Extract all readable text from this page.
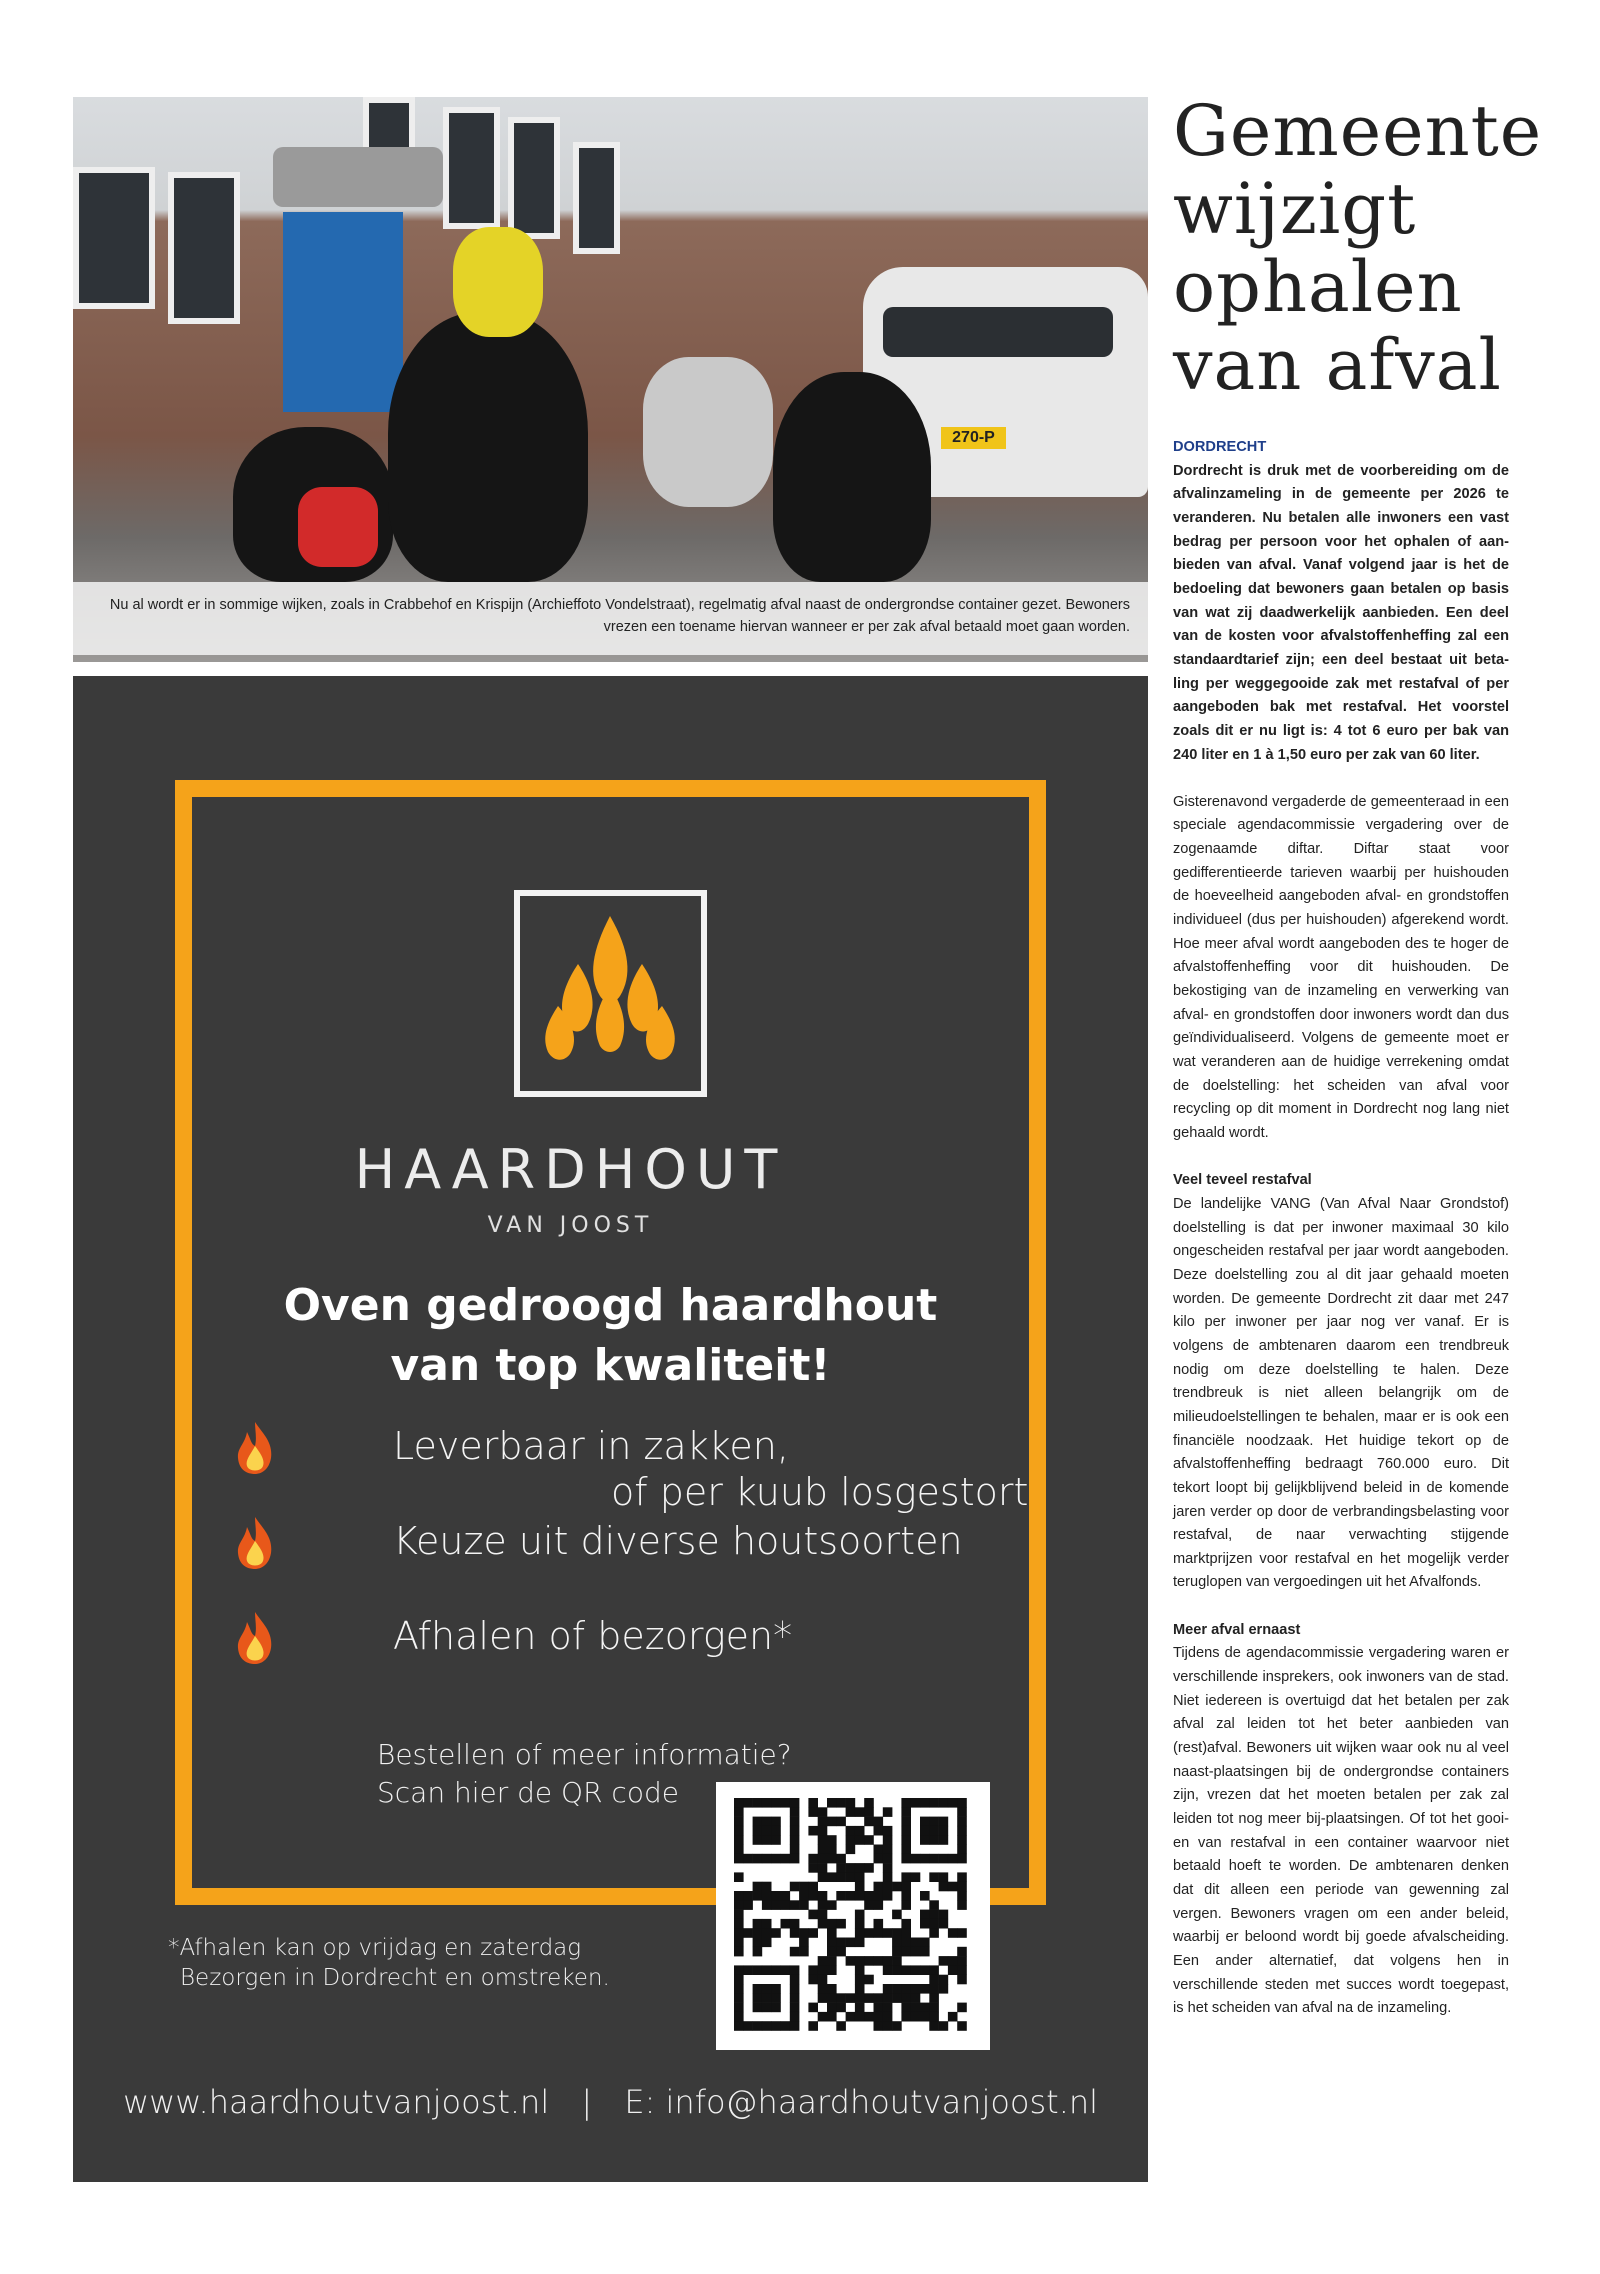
270-P
Nu al wordt er in sommige wijken, zoals in Crabbehof en Krispijn (Archieffoto Vondelstraat), regelmatig afval naast de ondergrondse container gezet. Bewoners vrezen een toename hiervan wanneer er per zak afval betaald moet gaan worden.
HAARDHOUT
VAN JOOST
Oven gedroogd haardhout
van top kwaliteit!
Leverbaar in zakken,
of per kuub losgestort
Keuze uit diverse houtsoorten
Afhalen of bezorgen*
Bestellen of meer informatie?
Scan hier de QR code
*Afhalen kan op vrijdag en zaterdag
Bezorgen in Dordrecht en omstreken.
www.haardhoutvanjoost.nl | E: info@haardhoutvanjoost.nl
Gemeente
wijzigt
ophalen
van afval

DORDRECHT

Dordrecht is druk met de voorbereiding om de afvalinzameling in de gemeente per 2026 te veranderen. Nu betalen alle inwoners een vast bedrag per persoon voor het ophalen of aanbieden van afval. Vanaf volgend jaar is het de bedoeling dat bewoners gaan betalen op basis van wat zij daadwerkelijk aanbieden. Een deel van de kosten voor afvalstoffenheffing zal een standaardtarief zijn; een deel bestaat uit betaling per weggegooide zak met restafval of per aangeboden bak met restafval. Het voorstel zoals dit er nu ligt is: 4 tot 6 euro per bak van 240 liter en 1 à 1,50 euro per zak van 60 liter.

Gisterenavond vergaderde de gemeenteraad in een speciale agendacommissie vergadering over de zogenaamde diftar. Diftar staat voor gedifferentieerde tarieven waarbij per huishouden de hoeveelheid aangeboden afval- en grondstoffen individueel (dus per huishouden) afgerekend wordt. Hoe meer afval wordt aangeboden des te hoger de afvalstoffenheffing voor dit huishouden. De bekostiging van de inzameling en verwerking van afval- en grondstoffen door inwoners wordt dan dus geïndividualiseerd. Volgens de gemeente moet er wat veranderen aan de huidige verrekening omdat de doelstelling: het scheiden van afval voor recycling op dit moment in Dordrecht nog lang niet gehaald wordt.

Veel teveel restafval

De landelijke VANG (Van Afval Naar Grondstof) doelstelling is dat per inwoner maximaal 30 kilo ongescheiden restafval per jaar wordt aangeboden. Deze doelstelling zou al dit jaar gehaald moeten worden. De gemeente Dordrecht zit daar met 247 kilo per inwoner per jaar nog ver vanaf. Er is volgens de ambtenaren daarom een trendbreuk nodig om deze doelstelling te halen. Deze trendbreuk is niet alleen belangrijk om de milieudoelstellingen te behalen, maar er is ook een financiële noodzaak. Het huidige tekort op de afvalstoffenheffing bedraagt 760.000 euro. Dit tekort loopt bij gelijkblijvend beleid in de komende jaren verder op door de verbrandingsbelasting voor restafval, de naar verwachting stijgende marktprijzen voor restafval en het mogelijk verder teruglopen van vergoedingen uit het Afvalfonds.

Meer afval ernaast

Tijdens de agendacommissie vergadering waren er verschillende insprekers, ook inwoners van de stad. Niet iedereen is overtuigd dat het betalen per zak afval zal leiden tot het beter aanbieden van (rest)afval. Bewoners uit wijken waar ook nu al veel naast-plaatsingen bij de ondergrondse containers zijn, vrezen dat het moeten betalen per zak zal leiden tot nog meer bij-plaatsingen. Of tot het gooien van restafval in een container waarvoor niet betaald hoeft te worden. De ambtenaren denken dat dit alleen een periode van gewenning zal vergen. Bewoners vragen om een ander beleid, waarbij er beloond wordt bij goede afvalscheiding. Een ander alternatief, dat volgens hen in verschillende steden met succes wordt toegepast, is het scheiden van afval na de inzameling.
